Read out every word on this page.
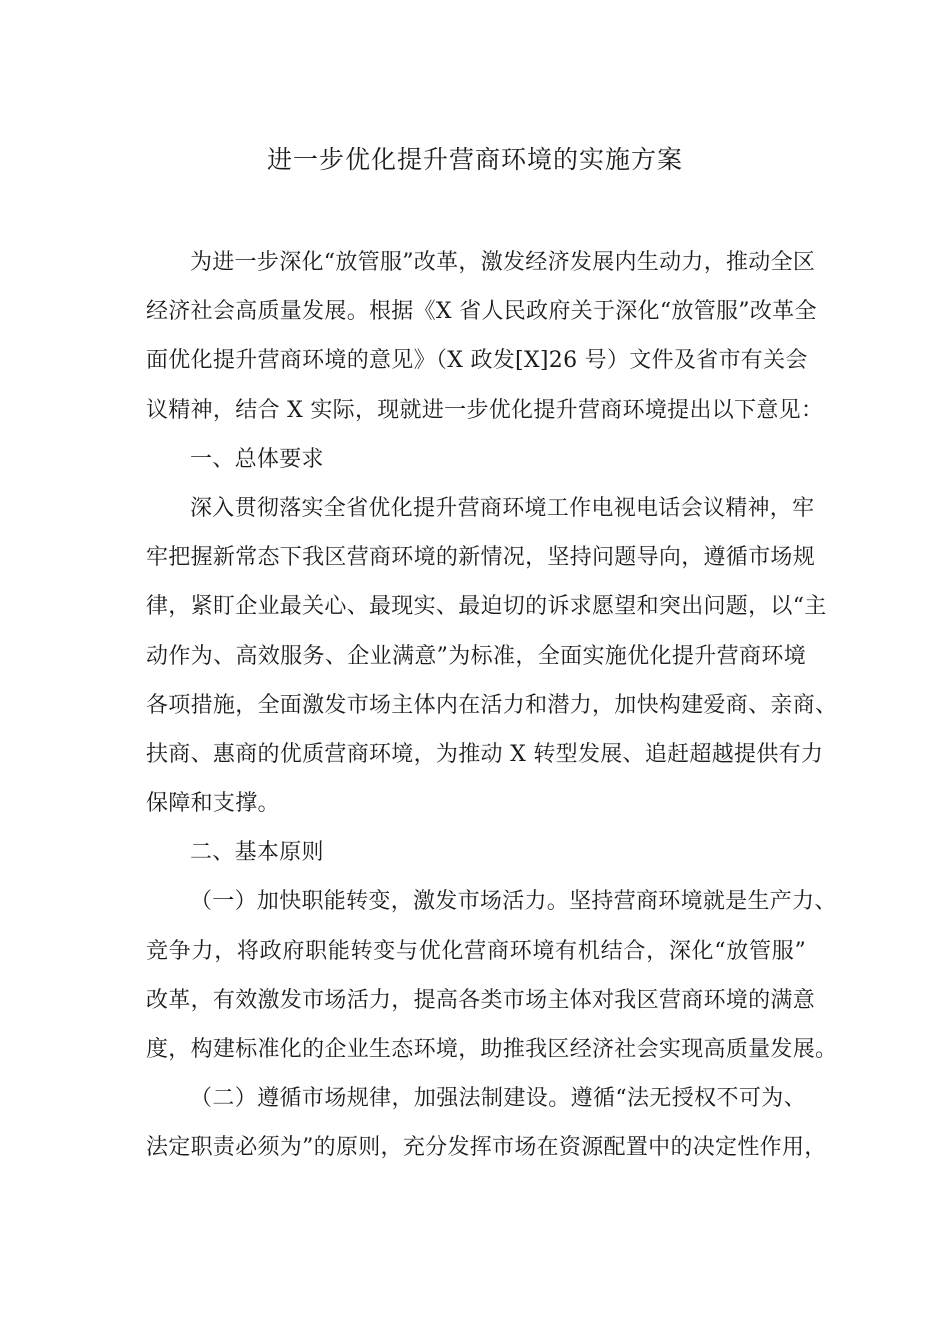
进一步优化提升营商环境的实施方案
为进一步深化“放管服”改革，激发经济发展内生动力，推动全区
经济社会高质量发展。根据《X 省人民政府关于深化“放管服”改革全
面优化提升营商环境的意见》（X 政发[X]26 号）文件及省市有关会
议精神，结合 X 实际，现就进一步优化提升营商环境提出以下意见：
一、总体要求
深入贯彻落实全省优化提升营商环境工作电视电话会议精神，牢
牢把握新常态下我区营商环境的新情况，坚持问题导向，遵循市场规
律，紧盯企业最关心、最现实、最迫切的诉求愿望和突出问题，以“主
动作为、高效服务、企业满意”为标准，全面实施优化提升营商环境
各项措施，全面激发市场主体内在活力和潜力，加快构建爱商、亲商、
扶商、惠商的优质营商环境，为推动 X 转型发展、追赶超越提供有力
保障和支撑。
二、基本原则
（一）加快职能转变，激发市场活力。坚持营商环境就是生产力、
竞争力，将政府职能转变与优化营商环境有机结合，深化“放管服”
改革，有效激发市场活力，提高各类市场主体对我区营商环境的满意
度，构建标准化的企业生态环境，助推我区经济社会实现高质量发展。
（二）遵循市场规律，加强法制建设。遵循“法无授权不可为、
法定职责必须为”的原则，充分发挥市场在资源配置中的决定性作用，
